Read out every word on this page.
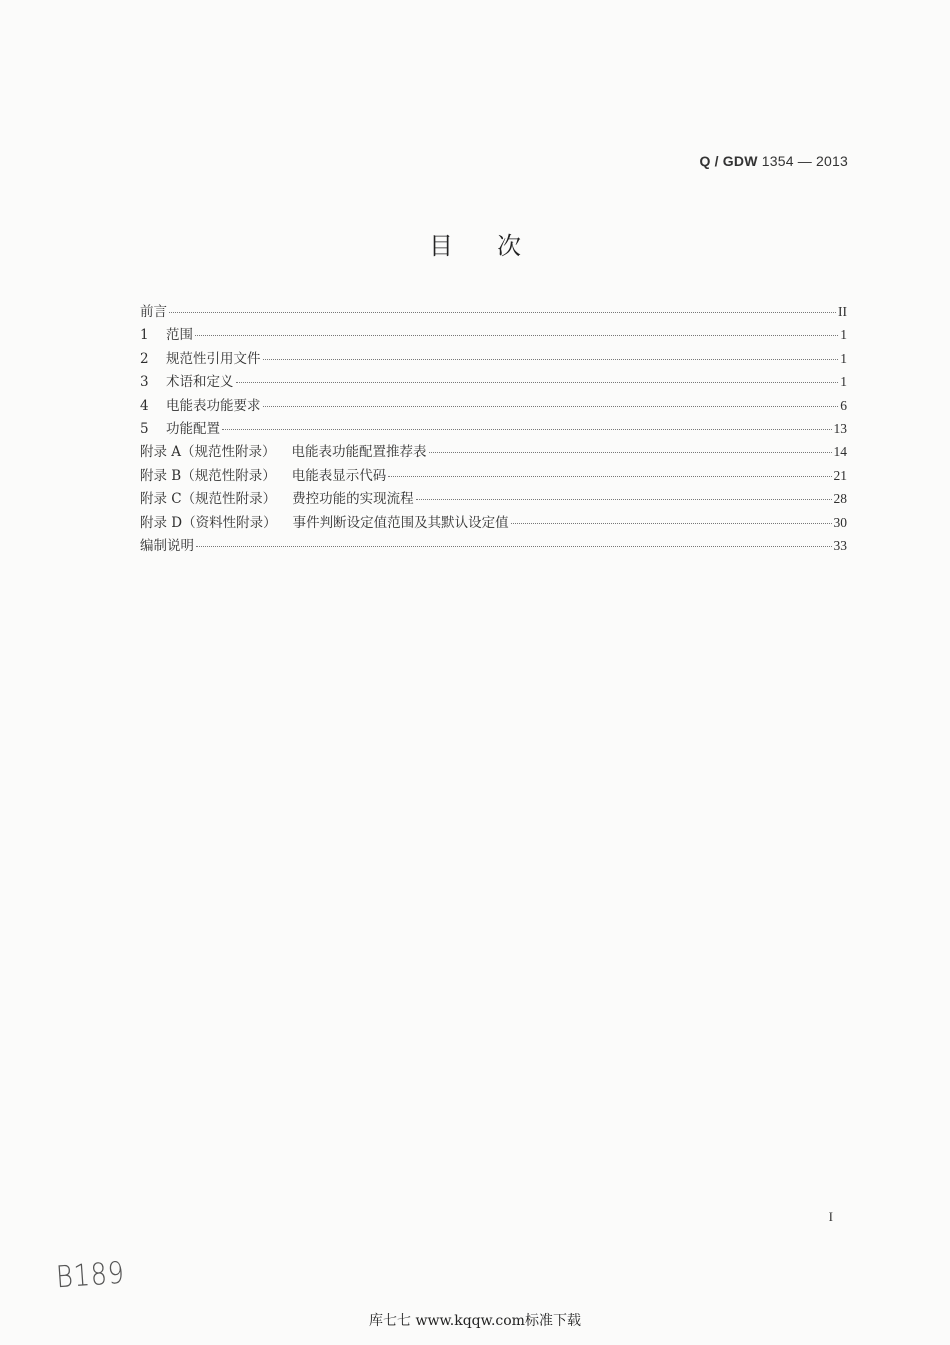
Q / GDW 1354 — 2013
目次
前言	II
1	范围	1
2	规范性引用文件	1
3	术语和定义	1
4	电能表功能要求	6
5	功能配置	13
附录 A（规范性附录） 电能表功能配置推荐表	14
附录 B（规范性附录） 电能表显示代码	21
附录 C（规范性附录） 费控功能的实现流程	28
附录 D（资料性附录） 事件判断设定值范围及其默认设定值	30
编制说明	33
I
B189
库七七 www.kqqw.com标准下载
